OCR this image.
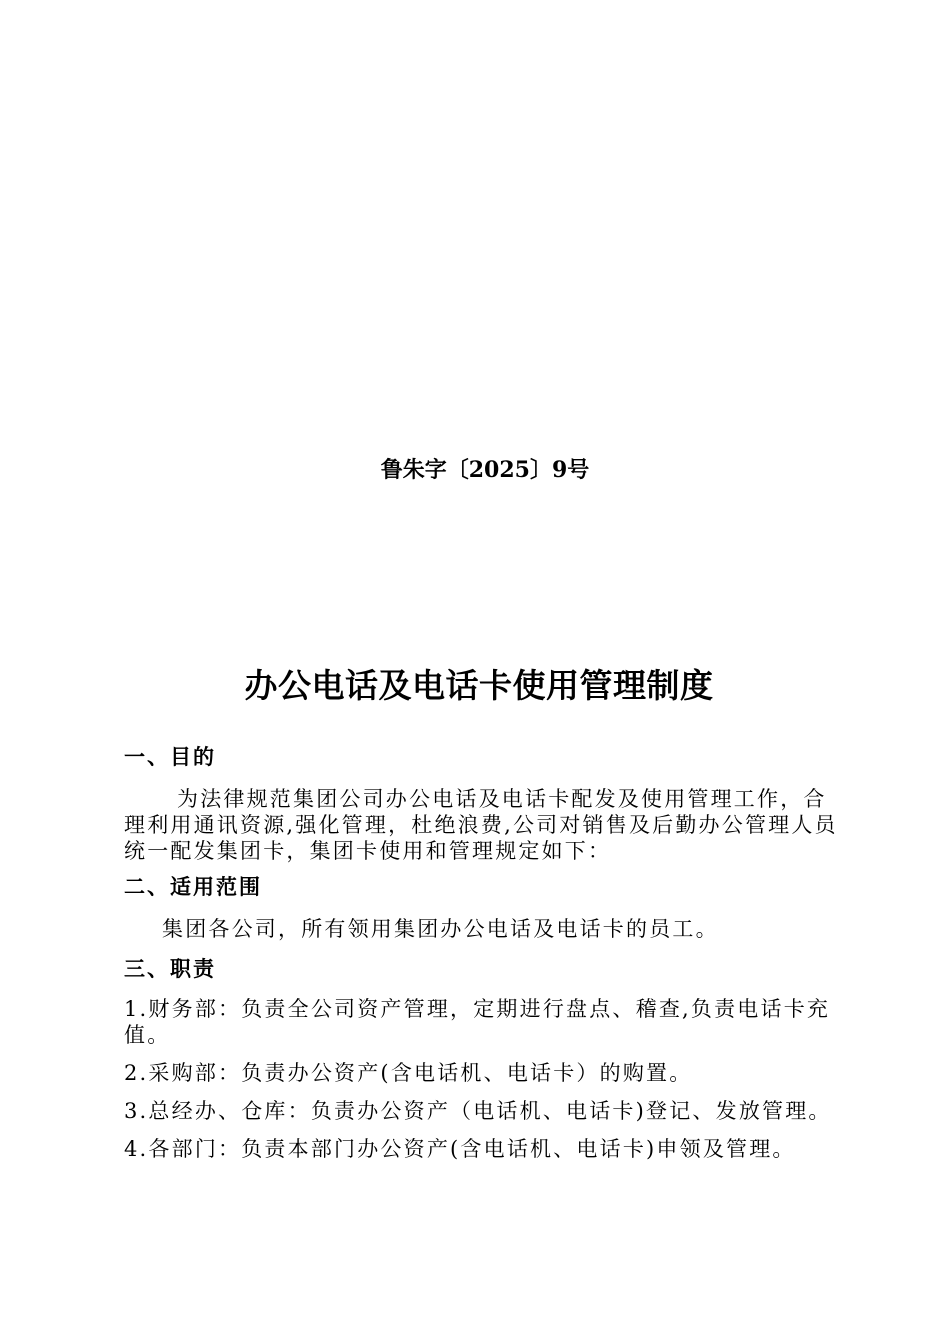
鲁朱字〔2025〕9号
办公电话及电话卡使用管理制度

一、目的

为法律规范集团公司办公电话及电话卡配发及使用管理工作，合理利用通讯资源,强化管理，杜绝浪费,公司对销售及后勤办公管理人员统一配发集团卡，集团卡使用和管理规定如下：

二、适用范围

集团各公司，所有领用集团办公电话及电话卡的员工。

三、职责

1.财务部：负责全公司资产管理，定期进行盘点、稽查,负责电话卡充值。

2.采购部：负责办公资产(含电话机、电话卡）的购置。

3.总经办、仓库：负责办公资产（电话机、电话卡)登记、发放管理。

4.各部门：负责本部门办公资产(含电话机、电话卡)申领及管理。
